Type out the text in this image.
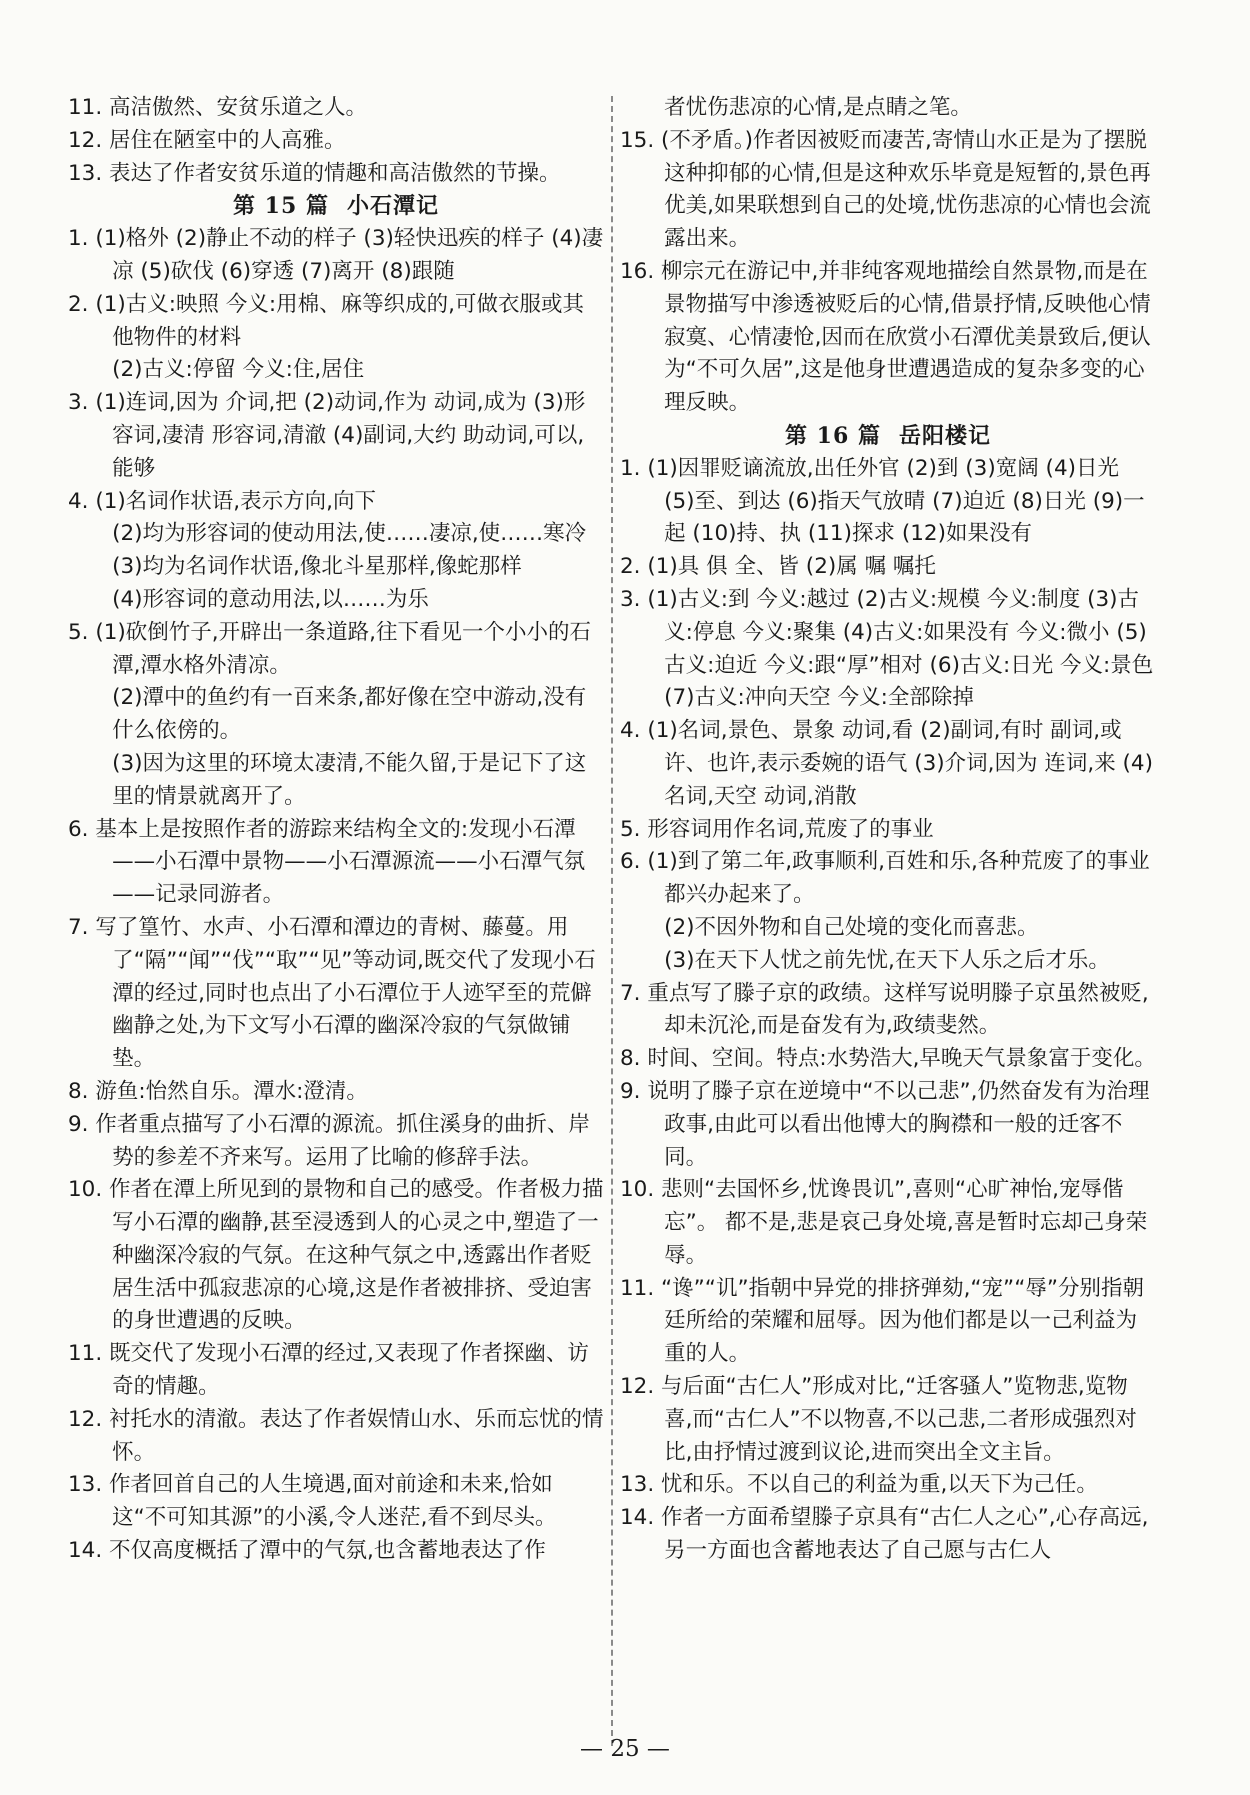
11. 高洁傲然、安贫乐道之人。
12. 居住在陋室中的人高雅。
13. 表达了作者安贫乐道的情趣和高洁傲然的节操。
第 15 篇 小石潭记
1. (1)格外 (2)静止不动的样子 (3)轻快迅疾的样子 (4)凄凉 (5)砍伐 (6)穿透 (7)离开 (8)跟随
2. (1)古义:映照 今义:用棉、麻等织成的,可做衣服或其他物件的材料
(2)古义:停留 今义:住,居住
3. (1)连词,因为 介词,把 (2)动词,作为 动词,成为 (3)形容词,凄清 形容词,清澈 (4)副词,大约 助动词,可以,能够
4. (1)名词作状语,表示方向,向下
(2)均为形容词的使动用法,使……凄凉,使……寒冷
(3)均为名词作状语,像北斗星那样,像蛇那样
(4)形容词的意动用法,以……为乐
5. (1)砍倒竹子,开辟出一条道路,往下看见一个小小的石潭,潭水格外清凉。
(2)潭中的鱼约有一百来条,都好像在空中游动,没有什么依傍的。
(3)因为这里的环境太凄清,不能久留,于是记下了这里的情景就离开了。
6. 基本上是按照作者的游踪来结构全文的:发现小石潭——小石潭中景物——小石潭源流——小石潭气氛——记录同游者。
7. 写了篁竹、水声、小石潭和潭边的青树、藤蔓。用了“隔”“闻”“伐”“取”“见”等动词,既交代了发现小石潭的经过,同时也点出了小石潭位于人迹罕至的荒僻幽静之处,为下文写小石潭的幽深冷寂的气氛做铺垫。
8. 游鱼:怡然自乐。潭水:澄清。
9. 作者重点描写了小石潭的源流。抓住溪身的曲折、岸势的参差不齐来写。运用了比喻的修辞手法。
10. 作者在潭上所见到的景物和自己的感受。作者极力描写小石潭的幽静,甚至浸透到人的心灵之中,塑造了一种幽深冷寂的气氛。在这种气氛之中,透露出作者贬居生活中孤寂悲凉的心境,这是作者被排挤、受迫害的身世遭遇的反映。
11. 既交代了发现小石潭的经过,又表现了作者探幽、访奇的情趣。
12. 衬托水的清澈。表达了作者娱情山水、乐而忘忧的情怀。
13. 作者回首自己的人生境遇,面对前途和未来,恰如这“不可知其源”的小溪,令人迷茫,看不到尽头。
14. 不仅高度概括了潭中的气氛,也含蓄地表达了作
者忧伤悲凉的心情,是点睛之笔。
15. (不矛盾。)作者因被贬而凄苦,寄情山水正是为了摆脱这种抑郁的心情,但是这种欢乐毕竟是短暂的,景色再优美,如果联想到自己的处境,忧伤悲凉的心情也会流露出来。
16. 柳宗元在游记中,并非纯客观地描绘自然景物,而是在景物描写中渗透被贬后的心情,借景抒情,反映他心情寂寞、心情凄怆,因而在欣赏小石潭优美景致后,便认为“不可久居”,这是他身世遭遇造成的复杂多变的心理反映。
第 16 篇 岳阳楼记
1. (1)因罪贬谪流放,出任外官 (2)到 (3)宽阔 (4)日光 (5)至、到达 (6)指天气放晴 (7)迫近 (8)日光 (9)一起 (10)持、执 (11)探求 (12)如果没有
2. (1)具 俱 全、皆 (2)属 嘱 嘱托
3. (1)古义:到 今义:越过 (2)古义:规模 今义:制度 (3)古义:停息 今义:聚集 (4)古义:如果没有 今义:微小 (5)古义:迫近 今义:跟“厚”相对 (6)古义:日光 今义:景色 (7)古义:冲向天空 今义:全部除掉
4. (1)名词,景色、景象 动词,看 (2)副词,有时 副词,或许、也许,表示委婉的语气 (3)介词,因为 连词,来 (4)名词,天空 动词,消散
5. 形容词用作名词,荒废了的事业
6. (1)到了第二年,政事顺利,百姓和乐,各种荒废了的事业都兴办起来了。
(2)不因外物和自己处境的变化而喜悲。
(3)在天下人忧之前先忧,在天下人乐之后才乐。
7. 重点写了滕子京的政绩。这样写说明滕子京虽然被贬,却未沉沦,而是奋发有为,政绩斐然。
8. 时间、空间。特点:水势浩大,早晚天气景象富于变化。
9. 说明了滕子京在逆境中“不以己悲”,仍然奋发有为治理政事,由此可以看出他博大的胸襟和一般的迁客不同。
10. 悲则“去国怀乡,忧谗畏讥”,喜则“心旷神怡,宠辱偕忘”。 都不是,悲是哀己身处境,喜是暂时忘却己身荣辱。
11. “谗”“讥”指朝中异党的排挤弹劾,“宠”“辱”分别指朝廷所给的荣耀和屈辱。因为他们都是以一己利益为重的人。
12. 与后面“古仁人”形成对比,“迁客骚人”览物悲,览物喜,而“古仁人”不以物喜,不以己悲,二者形成强烈对比,由抒情过渡到议论,进而突出全文主旨。
13. 忧和乐。不以自己的利益为重,以天下为己任。
14. 作者一方面希望滕子京具有“古仁人之心”,心存高远,另一方面也含蓄地表达了自己愿与古仁人
— 25 —
